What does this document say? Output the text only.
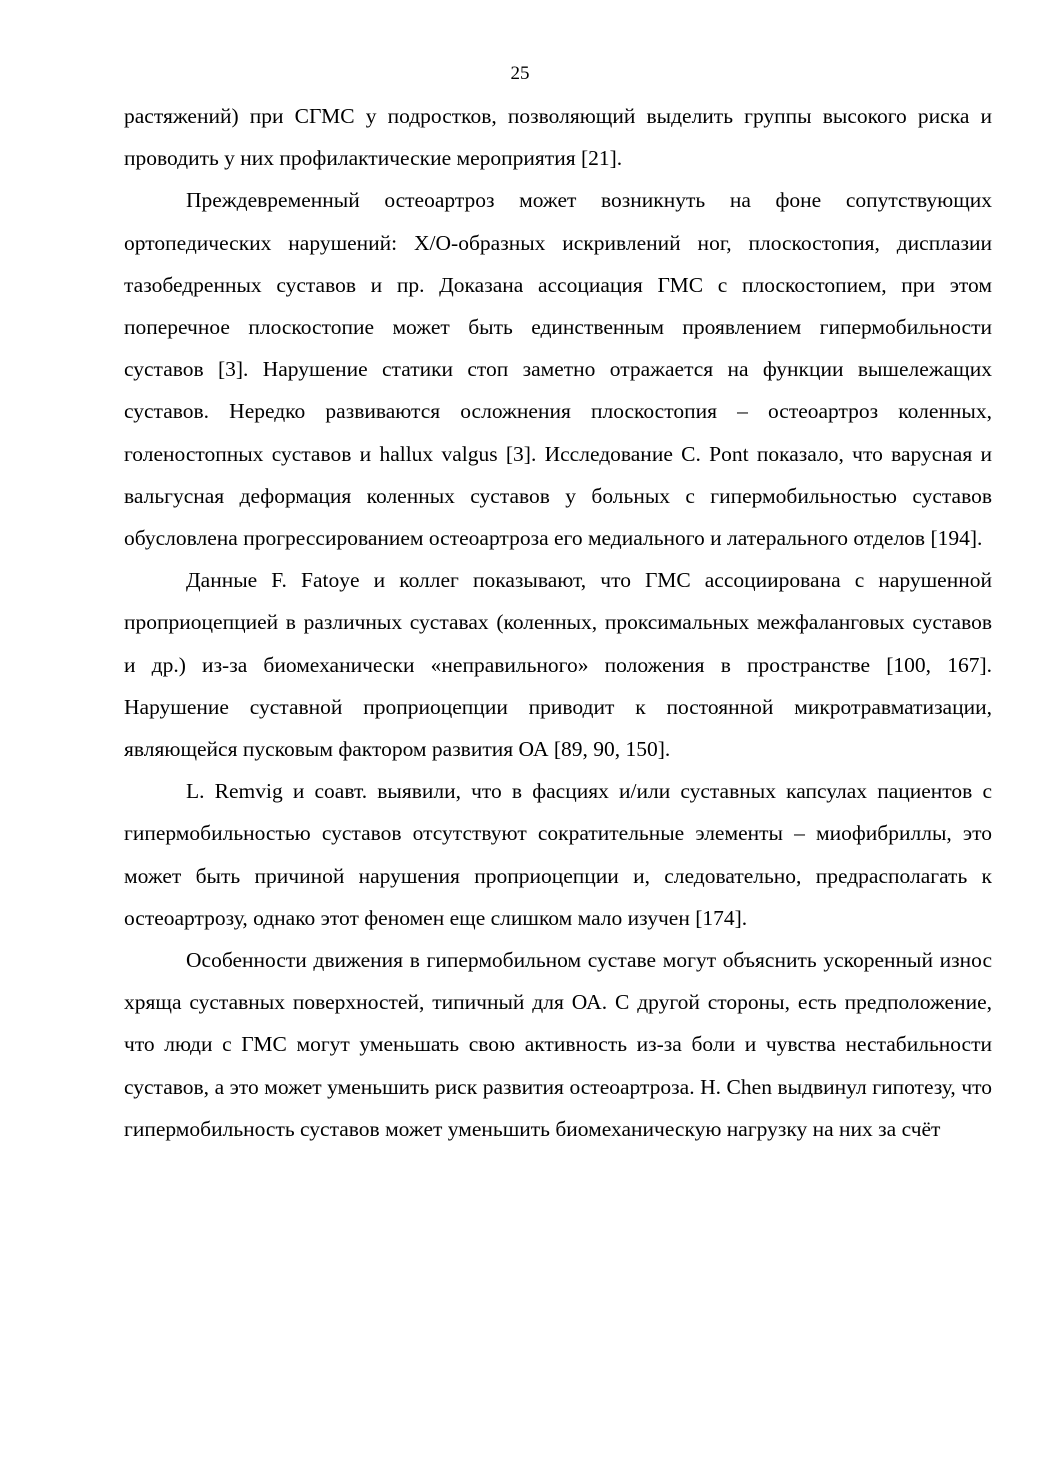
25

растяжений) при СГМС у подростков, позволяющий выделить группы высокого риска и проводить у них профилактические мероприятия [21].

Преждевременный остеоартроз может возникнуть на фоне сопутствующих ортопедических нарушений: Х/О-образных искривлений ног, плоскостопия, дисплазии тазобедренных суставов и пр. Доказана ассоциация ГМС с плоскостопием, при этом поперечное плоскостопие может быть единственным проявлением гипермобильности суставов [3]. Нарушение статики стоп заметно отражается на функции вышележащих суставов. Нередко развиваются осложнения плоскостопия – остеоартроз коленных, голеностопных суставов и hallux valgus [3]. Исследование C. Pont показало, что варусная и вальгусная деформация коленных суставов у больных с гипермобильностью суставов обусловлена прогрессированием остеоартроза его медиального и латерального отделов [194].

Данные F. Fatoye и коллег показывают, что ГМС ассоциирована с нарушенной проприоцепцией в различных суставах (коленных, проксимальных межфаланговых суставов и др.) из-за биомеханически «неправильного» положения в пространстве [100, 167]. Нарушение суставной проприоцепции приводит к постоянной микротравматизации, являющейся пусковым фактором развития ОА [89, 90, 150].

L. Remvig и соавт. выявили, что в фасциях и/или суставных капсулах пациентов с гипермобильностью суставов отсутствуют сократительные элементы – миофибриллы, это может быть причиной нарушения проприоцепции и, следовательно, предрасполагать к остеоартрозу, однако этот феномен еще слишком мало изучен [174].

Особенности движения в гипермобильном суставе могут объяснить ускоренный износ хряща суставных поверхностей, типичный для ОА. С другой стороны, есть предположение, что люди с ГМС могут уменьшать свою активность из-за боли и чувства нестабильности суставов, а это может уменьшить риск развития остеоартроза. H. Chen выдвинул гипотезу, что гипермобильность суставов может уменьшить биомеханическую нагрузку на них за счёт
